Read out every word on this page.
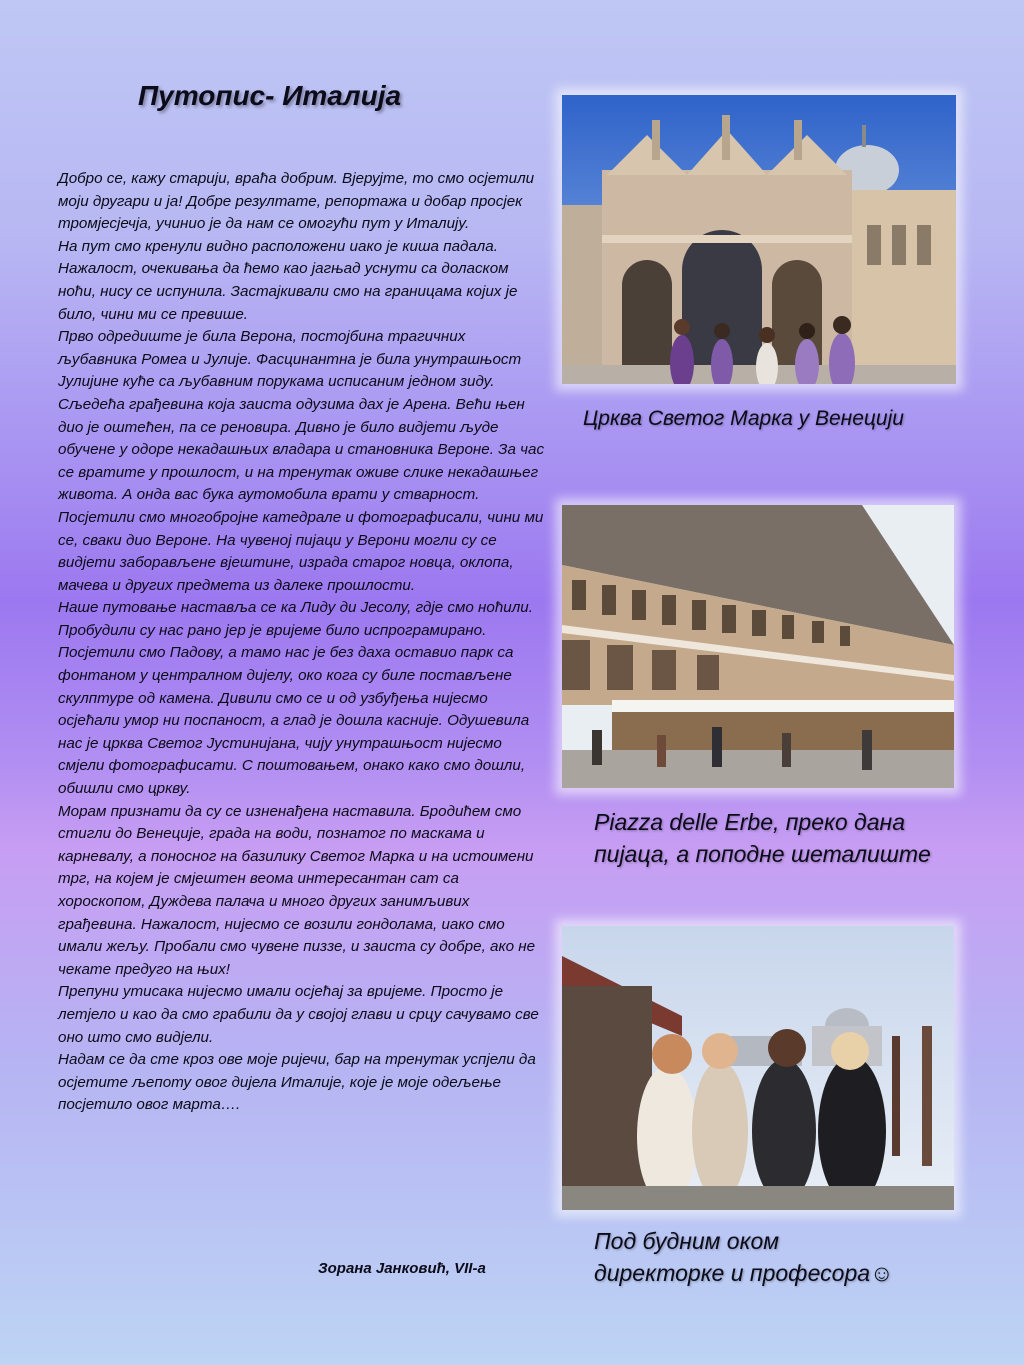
Путопис- Италија

Добро се, кажу старији, враћа добрим. Вјерујте, то смо осјетили моји другари и ја! Добре резултате, репортажа и добар просјек тромјесјечја, учинио је да нам се омогући пут у Италију.

На пут смо кренули видно расположени иако је киша падала. Нажалост, очекивања да ћемо као јагњад уснути са доласком ноћи, нису се испунила. Застајкивали смо на границама којих је било, чини ми се превише.

Прво одредиште је била Верона, постојбина трагичних љубавника Ромеа и Јулије. Фасцинантна је била унутрашњост Јулијине куће са љубавним порукама исписаним једном зиду. Сљедећа грађевина која заиста одузима дах је Арена. Већи њен дио је оштећен, па се реновира. Дивно је било видјети људе обучене у одоре некадашњих владара и становника Вероне. За час се вратите у прошлост, и на тренутак оживе слике некадашњег живота. А онда вас бука аутомобила врати у стварност. Посјетили смо многобројне катедрале и фотографисали, чини ми се, сваки дио Вероне. На чувеној пијаци у Верони могли су се видјети заборављене вјештине, израда старог новца, оклопа, мачева и других предмета из далеке прошлости.

Наше путовање наставља се ка Лиду ди Јесолу, гдје смо ноћили. Пробудили су нас рано јер је вријеме било испрограмирано. Посјетили смо Падову, а тамо нас је без даха оставио парк са фонтаном у централном дијелу, око кога су биле постављене скулптуре од камена. Дивили смо се и од узбуђења нијесмо осјећали умор ни поспаност, а глад је дошла касније. Одушевила нас је црква Светог Јустинијана, чију унутрашњост нијесмо смјели фотографисати. С поштовањем, онако како смо дошли, обишли смо цркву.

Морам признати да су се изненађена наставила. Бродићем смо стигли до Венеције, града на води, познатог по маскама и карневалу, а поносног на базилику Светог Марка и на истоимени трг, на којем је смјештен веома интересантан сат са хороскопом, Дуждева палача и много других занимљивих грађевина. Нажалост, нијесмо се возили гондолама, иако смо имали жељу. Пробали смо чувене пиззе, и заиста су добре, ако не чекате предуго на њих!

Препуни утисака нијесмо имали осјећај за вријеме. Просто је летјело и као да смо грабили да у својој глави и срцу сачувамо све оно што смо видјели.

Надам се да сте кроз ове моје ријечи, бар на тренутак успјели да осјетите љепоту овог дијела Италије, које је моје одељење посјетило овог марта….

Зорана Јанковић, VII-a
Црква Светог Марка у Венецији
Piazza delle Erbe, преко дана
пијаца, а поподне шеталиште
Под будним оком
директорке и професора☺
